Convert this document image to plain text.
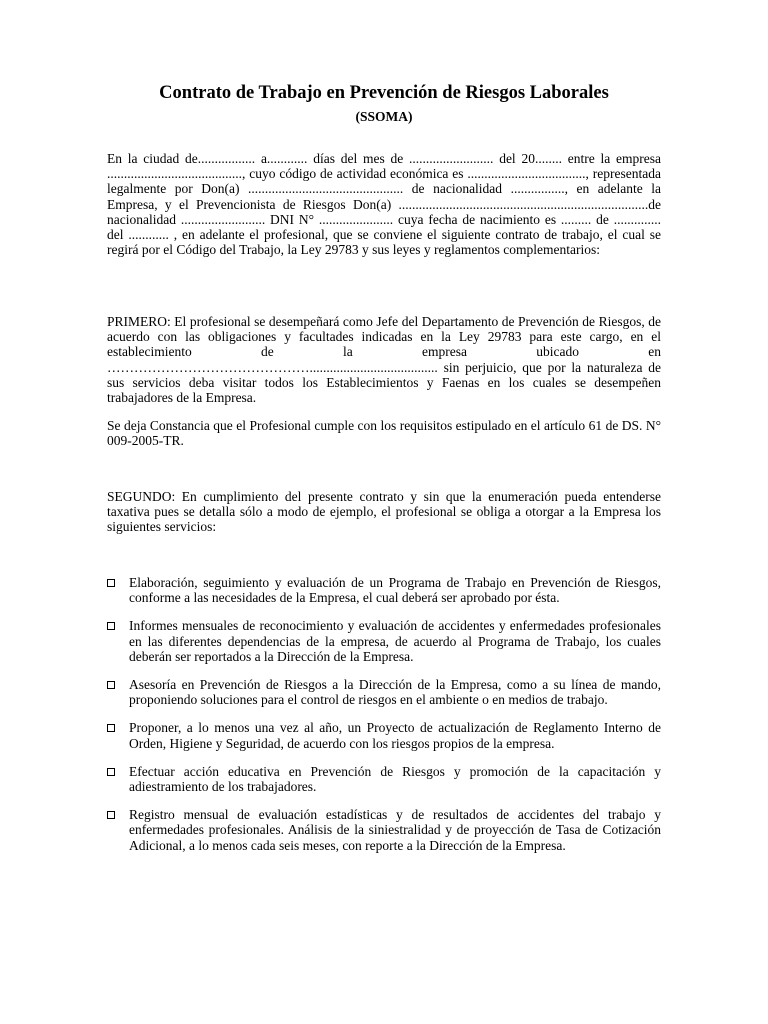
Contrato de Trabajo en Prevención de Riesgos Laborales
(SSOMA)

En la ciudad de................. a............ días del mes de ......................... del 20........ entre la empresa ........................................, cuyo código de actividad económica es ..................................., representada legalmente por Don(a) .............................................. de nacionalidad ................, en adelante la Empresa, y el Prevencionista de Riesgos Don(a) ..........................................................................de nacionalidad ......................... DNI N° ...................... cuya fecha de nacimiento es ......... de .............. del ............ , en adelante el profesional, que se conviene el siguiente contrato de trabajo, el cual se regirá por el Código del Trabajo, la Ley 29783 y sus leyes y reglamentos complementarios:

PRIMERO: El profesional se desempeñará como Jefe del Departamento de Prevención de Riesgos, de acuerdo con las obligaciones y facultades indicadas en la Ley 29783 para este cargo, en el establecimiento de la empresa ubicado en ………………………………………...................................... sin perjuicio, que por la naturaleza de sus servicios deba visitar todos los Establecimientos y Faenas en los cuales se desempeñen trabajadores de la Empresa.

Se deja Constancia que el Profesional cumple con los requisitos estipulado en el artículo 61 de DS. N° 009-2005-TR.

SEGUNDO: En cumplimiento del presente contrato y sin que la enumeración pueda entenderse taxativa pues se detalla sólo a modo de ejemplo, el profesional se obliga a otorgar a la Empresa los siguientes servicios:

Elaboración, seguimiento y evaluación de un Programa de Trabajo en Prevención de Riesgos, conforme a las necesidades de la Empresa, el cual deberá ser aprobado por ésta.

Informes mensuales de reconocimiento y evaluación de accidentes y enfermedades profesionales en las diferentes dependencias de la empresa, de acuerdo al Programa de Trabajo, los cuales deberán ser reportados a la Dirección de la Empresa.

Asesoría en Prevención de Riesgos a la Dirección de la Empresa, como a su línea de mando, proponiendo soluciones para el control de riesgos en el ambiente o en medios de trabajo.

Proponer, a lo menos una vez al año, un Proyecto de actualización de Reglamento Interno de Orden, Higiene y Seguridad, de acuerdo con los riesgos propios de la empresa.

Efectuar acción educativa en Prevención de Riesgos y promoción de la capacitación y adiestramiento de los trabajadores.

Registro mensual de evaluación estadísticas y de resultados de accidentes del trabajo y enfermedades profesionales. Análisis de la siniestralidad y de proyección de Tasa de Cotización Adicional, a lo menos cada seis meses, con reporte a la Dirección de la Empresa.
